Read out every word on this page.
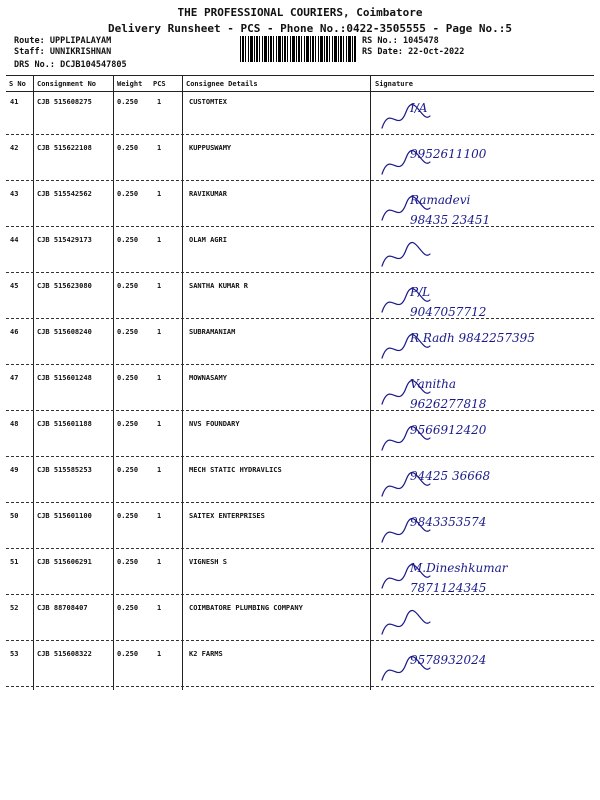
THE PROFESSIONAL COURIERS, Coimbatore
Delivery Runsheet - PCS - Phone No.:0422-3505555 - Page No.:5
Route: UPPLIPALAYAM
Staff: UNNIKRISHNAN
DRS No.: DCJB104547805
RS No.: 1045478
RS Date: 22-Oct-2022
S No Consignment No	Weight PCS	Consignee Details	Signature
41	CJB 515608275	0.250	1	CUSTOMTEX	I/A
42	CJB 515622108	0.250	1	KUPPUSWAMY	9952611100
43	CJB 515542562	0.250	1	RAVIKUMAR	Ramadevi
98435 23451
44	CJB 515429173	0.250	1	OLAM AGRI
45	CJB 515623080	0.250	1	SANTHA KUMAR R	P/L
9047057712
46	CJB 515608240	0.250	1	SUBRAMANIAM	R Radh 9842257395
47	CJB 515601248	0.250	1	MOWNASAMY	Vanitha
9626277818
48	CJB 515601188	0.250	1	NVS FOUNDARY	9566912420
49	CJB 515585253	0.250	1	MECH STATIC HYDRAVLICS	94425 36668
50	CJB 515601100	0.250	1	SAITEX ENTERPRISES	9843353574
51	CJB 515606291	0.250	1	VIGNESH S	M.Dineshkumar
7871124345
52	CJB 88708407	0.250	1	COIMBATORE PLUMBING COMPANY
53	CJB 515608322	0.250	1	K2 FARMS	9578932024
